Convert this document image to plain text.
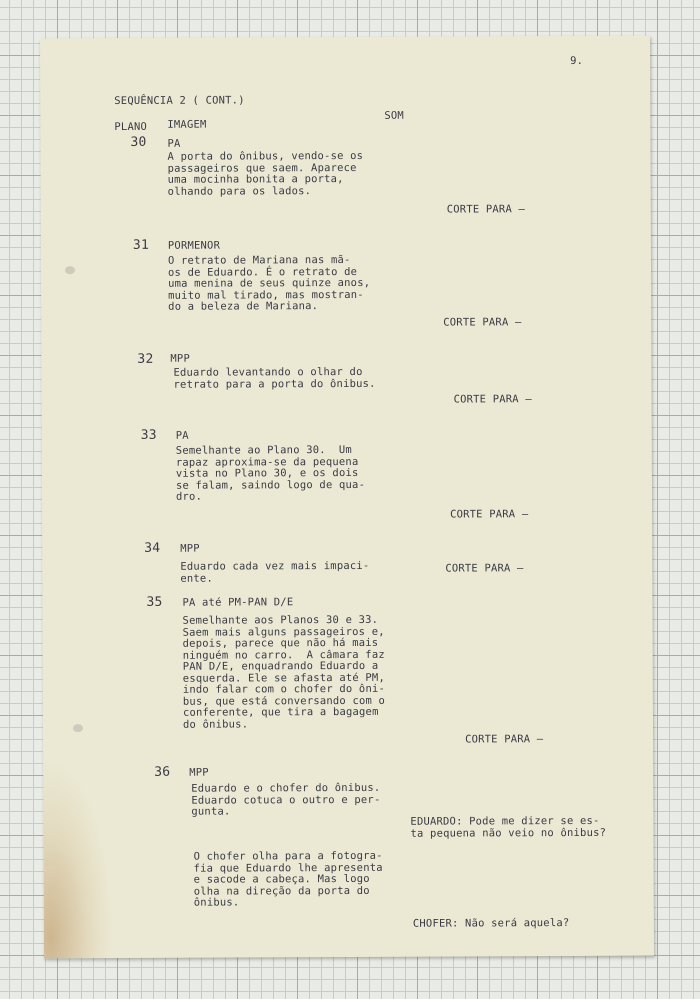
9.
SEQUÊNCIA 2 ( CONT.)
PLANO IMAGEM
SOM
30 PA
A porta do ônibus, vendo-se os
passageiros que saem. Aparece
uma mocinha bonita a porta,
olhando para os lados.
CORTE PARA —
31 PORMENOR
O retrato de Mariana nas mã-
os de Eduardo. É o retrato de
uma menina de seus quinze anos,
muito mal tirado, mas mostran-
do a beleza de Mariana.
CORTE PARA —
32 MPP
Eduardo levantando o olhar do
retrato para a porta do ônibus.
CORTE PARA —
33 PA
Semelhante ao Plano 30.  Um
rapaz aproxima-se da pequena
vista no Plano 30, e os dois
se falam, saindo logo de qua-
dro.
CORTE PARA —
34 MPP
Eduardo cada vez mais impaci-
ente.
CORTE PARA —
35 PA até PM-PAN D/E
Semelhante aos Planos 30 e 33.
Saem mais alguns passageiros e,
depois, parece que não há mais
ninguém no carro.  A câmara faz
PAN D/E, enquadrando Eduardo a
esquerda. Ele se afasta até PM,
indo falar com o chofer do ôni-
bus, que está conversando com o
conferente, que tira a bagagem
do ônibus.
CORTE PARA —
36 MPP
Eduardo e o chofer do ônibus.
Eduardo cotuca o outro e per-
gunta.
EDUARDO: Pode me dizer se es-
ta pequena não veio no ônibus?
O chofer olha para a fotogra-
fia que Eduardo lhe apresenta
e sacode a cabeça. Mas logo
olha na direção da porta do
ônibus.
CHOFER: Não será aquela?
